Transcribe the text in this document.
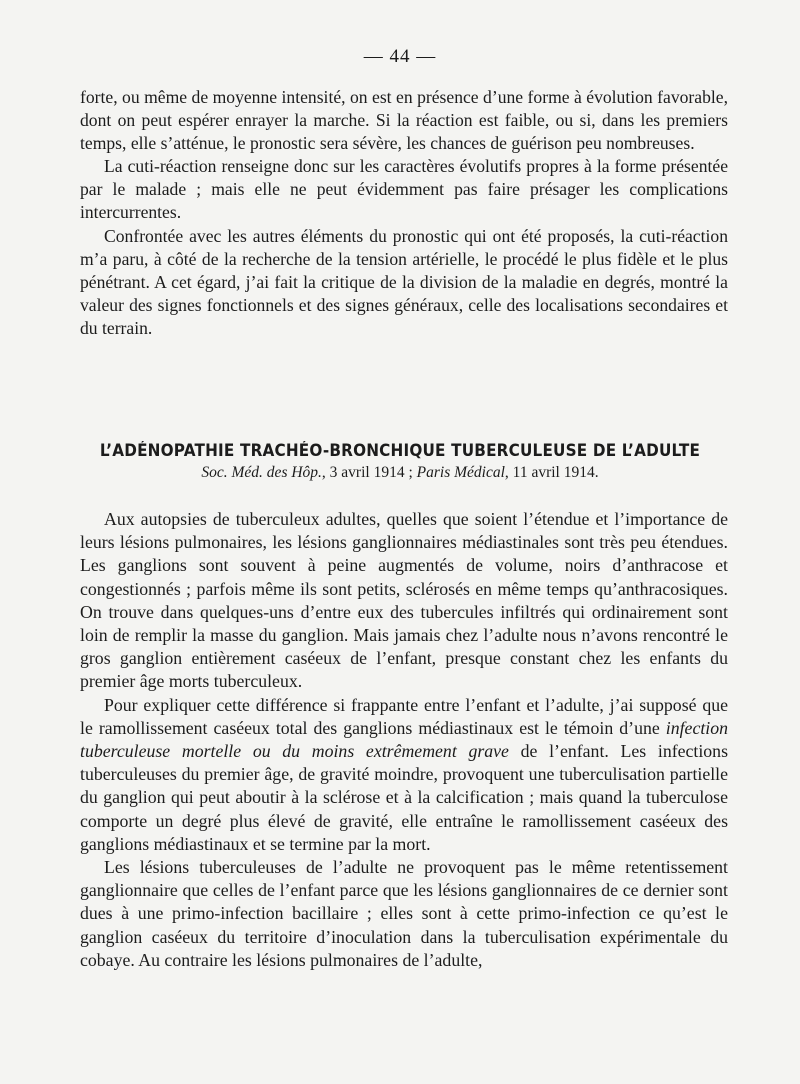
— 44 —

forte, ou même de moyenne intensité, on est en présence d’une forme à évolution favorable, dont on peut espérer enrayer la marche. Si la réaction est faible, ou si, dans les premiers temps, elle s’atténue, le pronostic sera sévère, les chances de guérison peu nombreuses.

La cuti-réaction renseigne donc sur les caractères évolutifs propres à la forme présentée par le malade ; mais elle ne peut évidemment pas faire présager les complications intercurrentes.

Confrontée avec les autres éléments du pronostic qui ont été proposés, la cuti-réaction m’a paru, à côté de la recherche de la tension artérielle, le procédé le plus fidèle et le plus pénétrant. A cet égard, j’ai fait la critique de la division de la maladie en degrés, montré la valeur des signes fonctionnels et des signes généraux, celle des localisations secondaires et du terrain.

L’ADÉNOPATHIE TRACHÉO-BRONCHIQUE TUBERCULEUSE DE L’ADULTE

Soc. Méd. des Hôp., 3 avril 1914 ; Paris Médical, 11 avril 1914.

Aux autopsies de tuberculeux adultes, quelles que soient l’étendue et l’importance de leurs lésions pulmonaires, les lésions ganglionnaires médiastinales sont très peu étendues. Les ganglions sont souvent à peine augmentés de volume, noirs d’anthracose et congestionnés ; parfois même ils sont petits, sclérosés en même temps qu’anthracosiques. On trouve dans quelques-uns d’entre eux des tubercules infiltrés qui ordinairement sont loin de remplir la masse du ganglion. Mais jamais chez l’adulte nous n’avons rencontré le gros ganglion entièrement caséeux de l’enfant, presque constant chez les enfants du premier âge morts tuberculeux.

Pour expliquer cette différence si frappante entre l’enfant et l’adulte, j’ai supposé que le ramollissement caséeux total des ganglions médiastinaux est le témoin d’une infection tuberculeuse mortelle ou du moins extrêmement grave de l’enfant. Les infections tuberculeuses du premier âge, de gravité moindre, provoquent une tuberculisation partielle du ganglion qui peut aboutir à la sclérose et à la calcification ; mais quand la tuberculose comporte un degré plus élevé de gravité, elle entraîne le ramollissement caséeux des ganglions médiastinaux et se termine par la mort.

Les lésions tuberculeuses de l’adulte ne provoquent pas le même retentissement ganglionnaire que celles de l’enfant parce que les lésions ganglionnaires de ce dernier sont dues à une primo-infection bacillaire ; elles sont à cette primo-infection ce qu’est le ganglion caséeux du territoire d’inoculation dans la tuberculisation expérimentale du cobaye. Au contraire les lésions pulmonaires de l’adulte,
